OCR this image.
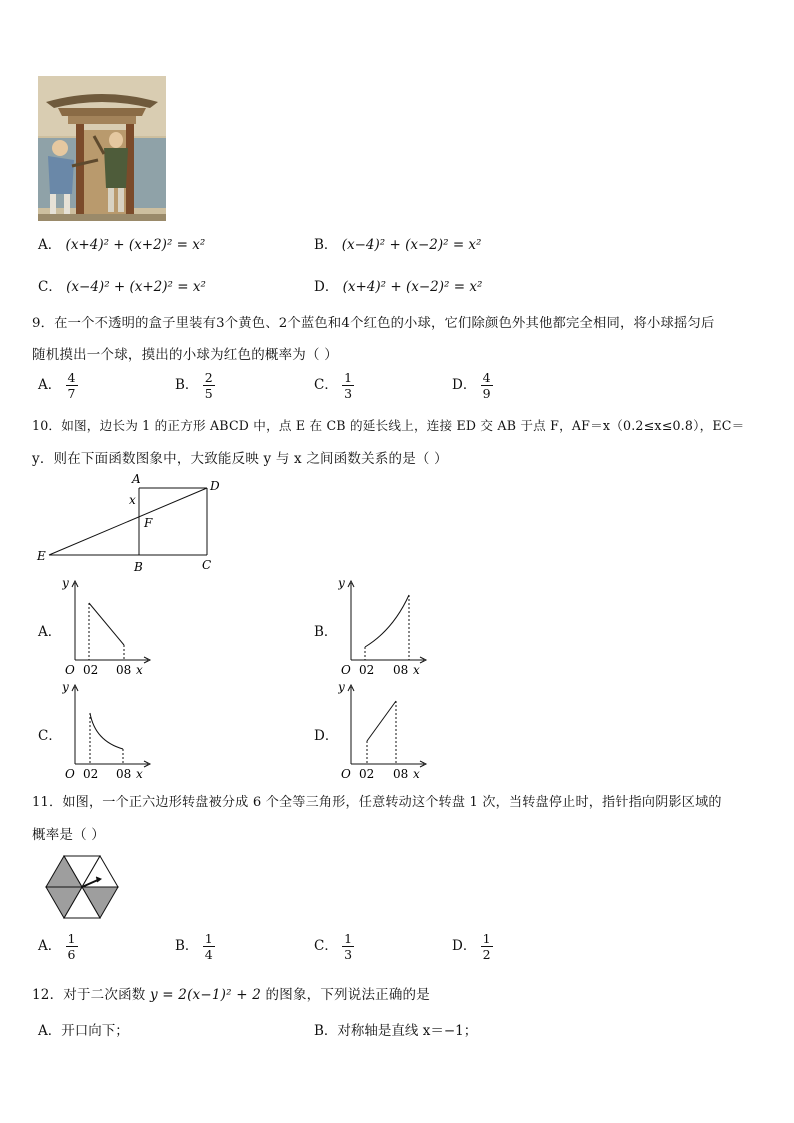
A． (x+4)² + (x+2)² = x²	B． (x−4)² + (x−2)² = x²
C． (x−4)² + (x+2)² = x²	D． (x+4)² + (x−2)² = x²
9．在一个不透明的盒子里装有3个黄色、2个蓝色和4个红色的小球，它们除颜色外其他都完全相同，将小球摇匀后
随机摸出一个球，摸出的小球为红色的概率为（ ）
A． $\frac{4}{7}$	B． $\frac{2}{5}$	C． $\frac{1}{3}$	D． $\frac{4}{9}$
10．如图，边长为 1 的正方形 ABCD 中，点 E 在 CB 的延长线上，连接 ED 交 AB 于点 F，AF＝x（0.2≤x≤0.8），EC＝
y．则在下面函数图象中，大致能反映 y 与 x 之间函数关系的是（ ）
A	D
x
F
E
B	C
A．	B．
C．	D．
y
O 02 08 x
y
O 02 08 x
y
O 02 08 x
y
O 02 08 x
11．如图，一个正六边形转盘被分成 6 个全等三角形，任意转动这个转盘 1 次，当转盘停止时，指针指向阴影区域的
概率是（ ）
A． $\frac{1}{6}$	B． $\frac{1}{4}$	C． $\frac{1}{3}$	D． $\frac{1}{2}$
12．对于二次函数 y = 2(x−1)² + 2 的图象，下列说法正确的是
A．开口向下；	B．对称轴是直线 x＝−1；
